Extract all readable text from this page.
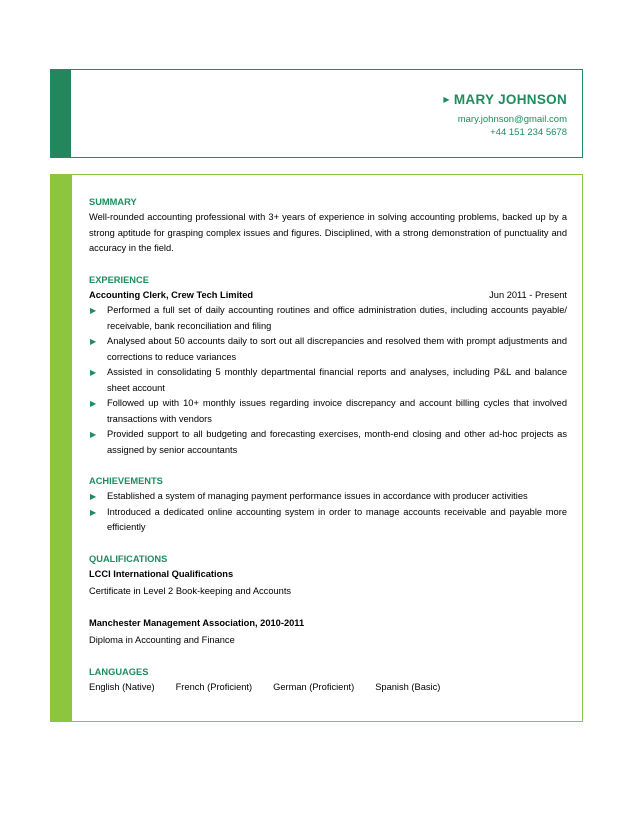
▶ MARY JOHNSON
mary.johnson@gmail.com
+44 151 234 5678
SUMMARY
Well-rounded accounting professional with 3+ years of experience in solving accounting problems, backed up by a strong aptitude for grasping complex issues and figures. Disciplined, with a strong demonstration of punctuality and accuracy in the field.
EXPERIENCE
Accounting Clerk, Crew Tech Limited	Jun 2011 - Present
▶ Performed a full set of daily accounting routines and office administration duties, including accounts payable/ receivable, bank reconciliation and filing
▶ Analysed about 50 accounts daily to sort out all discrepancies and resolved them with prompt adjustments and corrections to reduce variances
▶ Assisted in consolidating 5 monthly departmental financial reports and analyses, including P&L and balance sheet account
▶ Followed up with 10+ monthly issues regarding invoice discrepancy and account billing cycles that involved transactions with vendors
▶ Provided support to all budgeting and forecasting exercises, month-end closing and other ad-hoc projects as assigned by senior accountants
ACHIEVEMENTS
▶ Established a system of managing payment performance issues in accordance with producer activities
▶ Introduced a dedicated online accounting system in order to manage accounts receivable and payable more efficiently
QUALIFICATIONS
LCCI International Qualifications
Certificate in Level 2 Book-keeping and Accounts
Manchester Management Association, 2010-2011
Diploma in Accounting and Finance
LANGUAGES
English (Native) French (Proficient) German (Proficient) Spanish (Basic)
